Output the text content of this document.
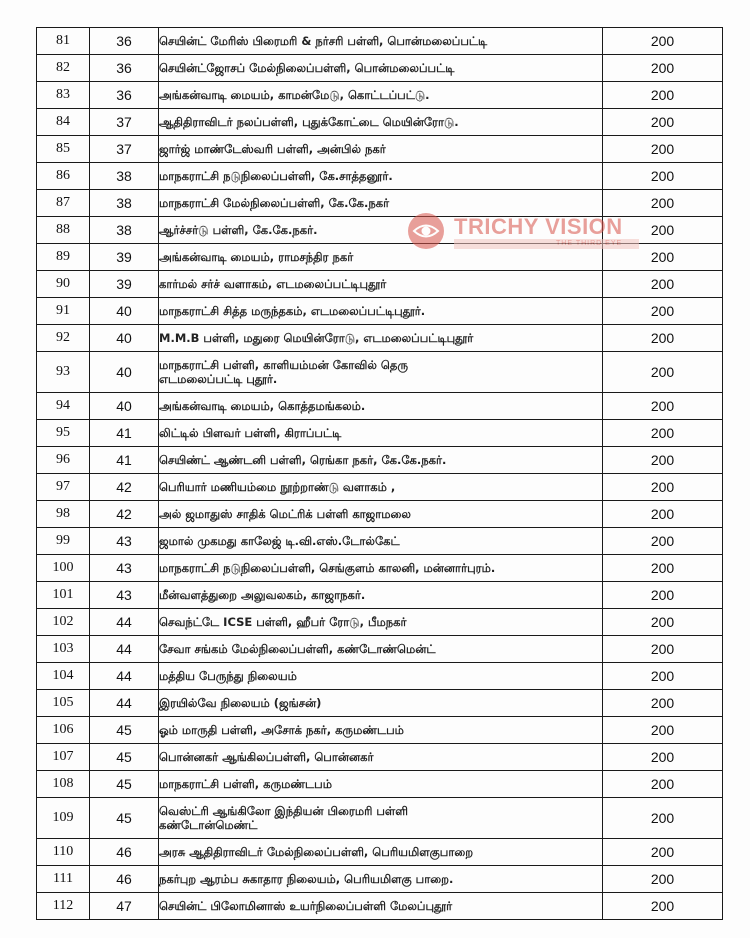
81	36	செயின்ட் மேரிஸ் பிரைமரி & நர்சரி பள்ளி, பொன்மலைப்பட்டி	200
82	36	செயின்ட்ஜோசப் மேல்நிலைப்பள்ளி, பொன்மலைப்பட்டி	200
83	36	அங்கன்வாடி மையம், காமன்மேடு, கொட்டப்பட்டு.	200
84	37	ஆதிதிராவிடர் நலப்பள்ளி, புதுக்கோட்டை மெயின்ரோடு.	200
85	37	ஜார்ஜ் மாண்டேஸ்வரி பள்ளி, அன்பில் நகர்	200
86	38	மாநகராட்சி நடுநிலைப்பள்ளி, கே.சாத்தனூர்.	200
87	38	மாநகராட்சி மேல்நிலைப்பள்ளி, கே.கே.நகர்	200
88	38	ஆர்ச்சர்டு பள்ளி, கே.கே.நகர்.	200
89	39	அங்கன்வாடி மையம், ராமசந்திர நகர்	200
90	39	கார்மல் சர்ச் வளாகம், எடமலைப்பட்டிபுதூர்	200
91	40	மாநகராட்சி சித்த மருந்தகம், எடமலைப்பட்டிபுதூர்.	200
92	40	M.M.B பள்ளி, மதுரை மெயின்ரோடு, எடமலைப்பட்டிபுதூர்	200
93	40	மாநகராட்சி பள்ளி, காளியம்மன் கோவில் தெரு
எடமலைப்பட்டி புதூர்.	200
94	40	அங்கன்வாடி மையம், கொத்தமங்கலம்.	200
95	41	லிட்டில் பிளவர் பள்ளி, கிராப்பட்டி	200
96	41	செயிண்ட் ஆண்டனி பள்ளி, ரெங்கா நகர், கே.கே.நகர்.	200
97	42	பெரியார் மணியம்மை நூற்றாண்டு வளாகம் ,	200
98	42	அல் ஜமாதுஸ் சாதிக் மெட்ரிக் பள்ளி காஜாமலை	200
99	43	ஜமால் முகமது காலேஜ் டி.வி.எஸ்.டோல்கேட்	200
100	43	மாநகராட்சி நடுநிலைப்பள்ளி, செங்குளம் காலனி, மன்னார்புரம்.	200
101	43	மீன்வளத்துறை அலுவலகம், காஜாநகர்.	200
102	44	செவந்ட்டே ICSE பள்ளி, ஹீபர் ரோடு, பீமநகர்	200
103	44	சேவா சங்கம் மேல்நிலைப்பள்ளி, கண்டோண்மென்ட்	200
104	44	மத்திய பேருந்து நிலையம்	200
105	44	இரயில்வே நிலையம் (ஜங்சன்)	200
106	45	ஓம் மாருதி பள்ளி, அசோக் நகர், கருமண்டபம்	200
107	45	பொன்னகர் ஆங்கிலப்பள்ளி, பொன்னகர்	200
108	45	மாநகராட்சி பள்ளி, கருமண்டபம்	200
109	45	வெஸ்ட்ரி ஆங்கிலோ இந்தியன் பிரைமரி பள்ளி
கண்டோன்மெண்ட்	200
110	46	அரசு ஆதிதிராவிடர் மேல்நிலைப்பள்ளி, பெரியமிளகுபாறை	200
111	46	நகர்புற ஆரம்ப சுகாதார நிலையம், பெரியமிளகு பாறை.	200
112	47	செயின்ட் பிலோமினாஸ் உயர்நிலைப்பள்ளி மேலப்புதூர்	200
TRICHY VISION
THE THIRD EYE
